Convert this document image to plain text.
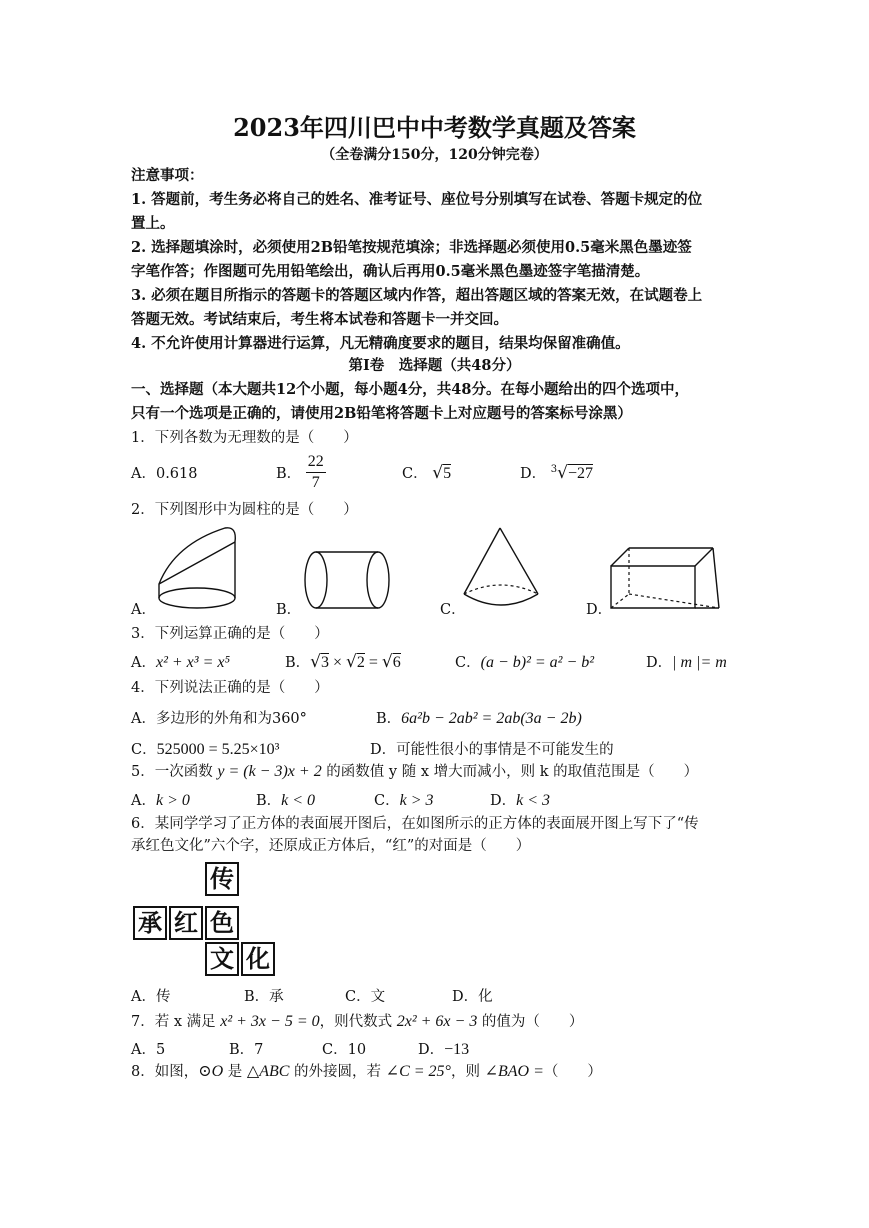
2023年四川巴中中考数学真题及答案
（全卷满分150分，120分钟完卷）
注意事项：
1. 答题前，考生务必将自己的姓名、准考证号、座位号分别填写在试卷、答题卡规定的位
置上。
2. 选择题填涂时，必须使用2B铅笔按规范填涂；非选择题必须使用0.5毫米黑色墨迹签
字笔作答；作图题可先用铅笔绘出，确认后再用0.5毫米黑色墨迹签字笔描清楚。
3. 必须在题目所指示的答题卡的答题区域内作答，超出答题区域的答案无效，在试题卷上
答题无效。考试结束后，考生将本试卷和答题卡一并交回。
4. 不允许使用计算器进行运算，凡无精确度要求的题目，结果均保留准确值。
第Ⅰ卷　选择题（共48分）
一、选择题（本大题共12个小题，每小题4分，共48分。在每小题给出的四个选项中，
只有一个选项是正确的，请使用2B铅笔将答题卡上对应题号的答案标号涂黑）
1．下列各数为无理数的是（　　）
A．0.618	B． $\frac{22}{7}$	C． √5	D． $^3$√−27
2．下列图形中为圆柱的是（　　）
A．	B．	C．	D．
3．下列运算正确的是（　　）
A．x² + x³ = x⁵	B．√3 × √2 = √6	C．(a − b)² = a² − b²	D．| m |= m
4．下列说法正确的是（　　）
A．多边形的外角和为360°	B．6a²b − 2ab² = 2ab(3a − 2b)
C．525000 = 5.25×10³	D．可能性很小的事情是不可能发生的
5．一次函数 y = (k − 3)x + 2 的函数值 y 随 x 增大而减小，则 k 的取值范围是（　　）
A．k > 0	B．k < 0	C．k > 3	D．k < 3
6．某同学学习了正方体的表面展开图后，在如图所示的正方体的表面展开图上写下了“传
承红色文化”六个字，还原成正方体后，“红”的对面是（　　）
传
承 红 色
文 化
A．传	B．承	C．文	D．化
7．若 x 满足 x² + 3x − 5 = 0，则代数式 2x² + 6x − 3 的值为（　　）
A．5	B．7	C．10	D．−13
8．如图，⊙O 是 △ABC 的外接圆，若 ∠C = 25°，则 ∠BAO =（　　）
